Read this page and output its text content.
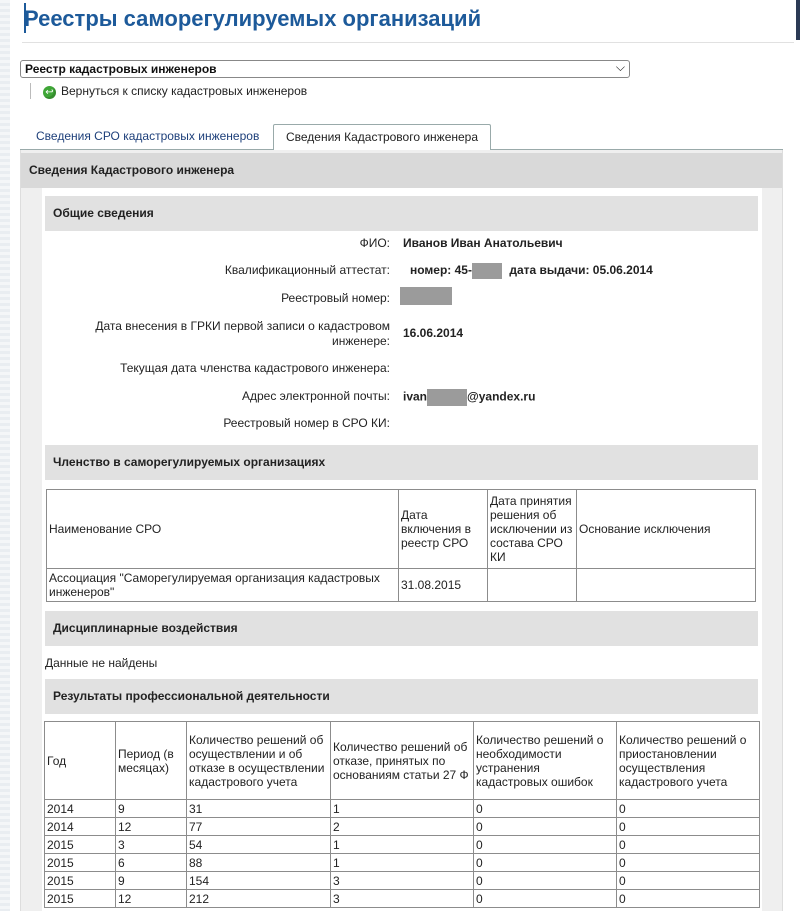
Реестры саморегулируемых организаций
Реестр кадастровых инженеров	⌵
↩ Вернуться к списку кадастровых инженеров
Сведения СРО кадастровых инженеров	Сведения Кадастрового инженера
Сведения Кадастрового инженера
Общие сведения
ФИО: Иванов Иван Анатольевич
Квалификационный аттестат: номер: 45-	дата выдачи: 05.06.2014
Реестровый номер:
Дата внесения в ГРКИ первой записи о кадастровом инженере:
16.06.2014
Текущая дата членства кадастрового инженера:
Адрес электронной почты: ivan	@yandex.ru
Реестровый номер в СРО КИ:
Членство в саморегулируемых организациях
Наименование СРО	Дата включения в реестр СРО	Дата принятия решения об исключении из состава СРО КИ	Основание исключения
Ассоциация "Саморегулируемая организация кадастровых инженеров"	31.08.2015		
Дисциплинарные воздействия
Данные не найдены
Результаты профессиональной деятельности
Год	Период (в месяцах)	Количество решений об осуществлении и об отказе в осуществлении кадастрового учета	Количество решений об отказе, принятых по основаниям статьи 27 Ф	Количество решений о необходимости устранения кадастровых ошибок	Количество решений о приостановлении осуществления кадастрового учета
2014	9	31	1	0	0
2014	12	77	2	0	0
2015	3	54	1	0	0
2015	6	88	1	0	0
2015	9	154	3	0	0
2015	12	212	3	0	0
